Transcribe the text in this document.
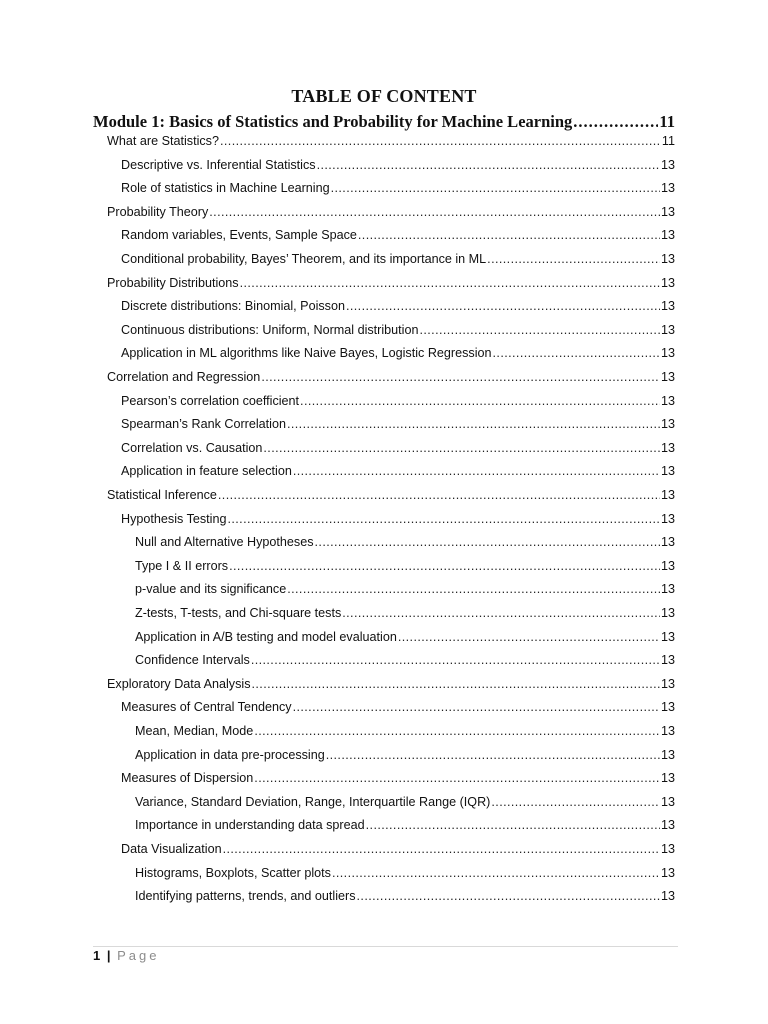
TABLE OF CONTENT
Module 1: Basics of Statistics and Probability for Machine Learning .....	11
What are Statistics? .....	11
Descriptive vs. Inferential Statistics .....	13
Role of statistics in Machine Learning .....	13
Probability Theory .....	13
Random variables, Events, Sample Space .....	13
Conditional probability, Bayes’ Theorem, and its importance in ML .....	13
Probability Distributions .....	13
Discrete distributions: Binomial, Poisson .....	13
Continuous distributions: Uniform, Normal distribution .....	13
Application in ML algorithms like Naive Bayes, Logistic Regression .....	13
Correlation and Regression .....	13
Pearson’s correlation coefficient .....	13
Spearman’s Rank Correlation .....	13
Correlation vs. Causation .....	13
Application in feature selection .....	13
Statistical Inference .....	13
Hypothesis Testing .....	13
Null and Alternative Hypotheses .....	13
Type I & II errors .....	13
p-value and its significance .....	13
Z-tests, T-tests, and Chi-square tests .....	13
Application in A/B testing and model evaluation .....	13
Confidence Intervals .....	13
Exploratory Data Analysis .....	13
Measures of Central Tendency .....	13
Mean, Median, Mode .....	13
Application in data pre-processing .....	13
Measures of Dispersion .....	13
Variance, Standard Deviation, Range, Interquartile Range (IQR) .....	13
Importance in understanding data spread .....	13
Data Visualization .....	13
Histograms, Boxplots, Scatter plots .....	13
Identifying patterns, trends, and outliers .....	13
1 | Page
